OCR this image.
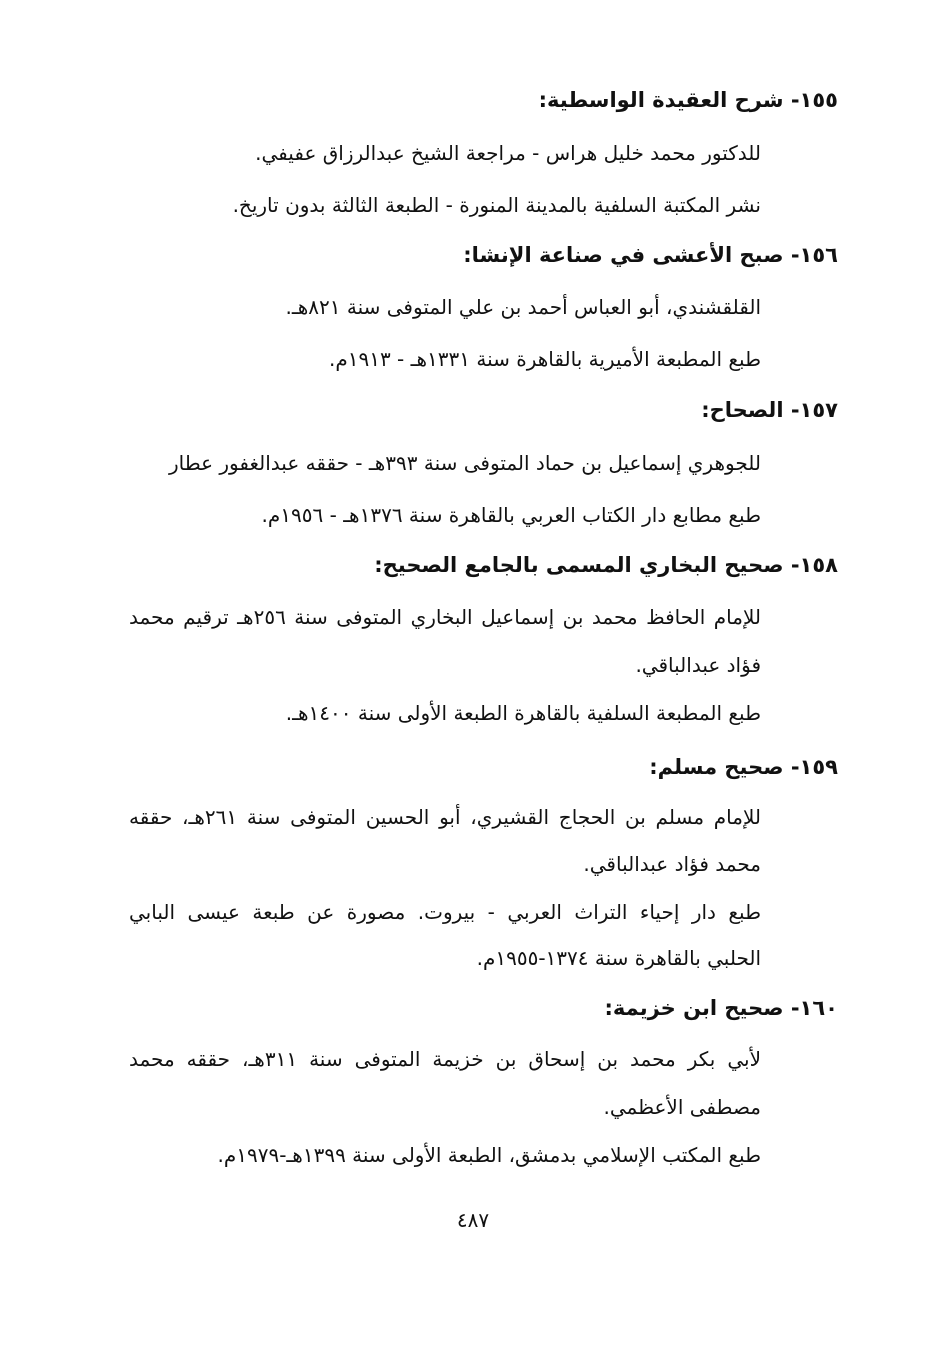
١٥٥- شرح العقيدة الواسطية:
للدكتور محمد خليل هراس - مراجعة الشيخ عبدالرزاق عفيفي.
نشر المكتبة السلفية بالمدينة المنورة - الطبعة الثالثة بدون تاريخ.
١٥٦- صبح الأعشى في صناعة الإنشا:
القلقشندي، أبو العباس أحمد بن علي المتوفى سنة ٨٢١هـ.
طبع المطبعة الأميرية بالقاهرة سنة ١٣٣١هـ - ١٩١٣م.
١٥٧- الصحاح:
للجوهري إسماعيل بن حماد المتوفى سنة ٣٩٣هـ - حققه عبدالغفور عطار
طبع مطابع دار الكتاب العربي بالقاهرة سنة ١٣٧٦هـ - ١٩٥٦م.
١٥٨- صحيح البخاري المسمى بالجامع الصحيح:
للإمام الحافظ محمد بن إسماعيل البخاري المتوفى سنة ٢٥٦هـ ترقيم محمد
فؤاد عبدالباقي.
طبع المطبعة السلفية بالقاهرة الطبعة الأولى سنة ١٤٠٠هـ.
١٥٩- صحيح مسلم:
للإمام مسلم بن الحجاج القشيري، أبو الحسين المتوفى سنة ٢٦١هـ، حققه
محمد فؤاد عبدالباقي.
طبع دار إحياء التراث العربي - بيروت. مصورة عن طبعة عيسى البابي
الحلبي بالقاهرة سنة ١٣٧٤-١٩٥٥م.
١٦٠- صحيح ابن خزيمة:
لأبي بكر محمد بن إسحاق بن خزيمة المتوفى سنة ٣١١هـ، حققه محمد
مصطفى الأعظمي.
طبع المكتب الإسلامي بدمشق، الطبعة الأولى سنة ١٣٩٩هـ-١٩٧٩م.
٤٨٧
